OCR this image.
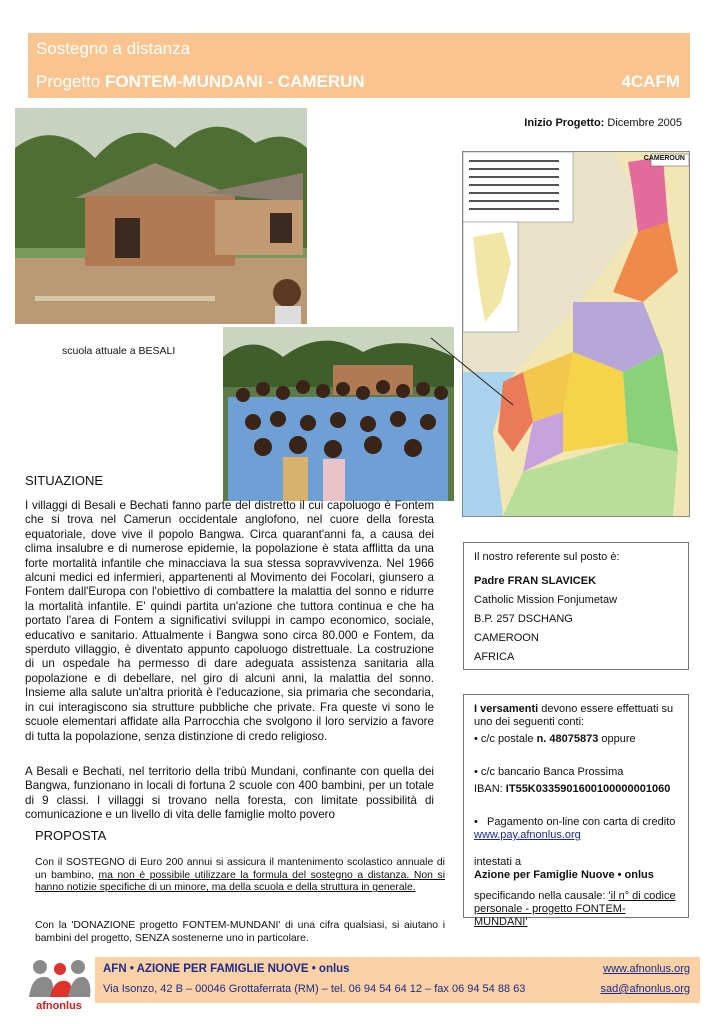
Sostegno a distanza
Progetto FONTEM-MUNDANI - CAMERUN	4CAFM
Inizio Progetto: Dicembre 2005
scuola attuale a BESALI
CAMEROUN
SITUAZIONE
I villaggi di Besali e Bechati fanno parte del distretto il cui capoluogo è Fontem che si trova nel Camerun occidentale anglofono, nel cuore della foresta equatoriale, dove vive il popolo Bangwa. Circa quarant'anni fa, a causa dei clima insalubre e di numerose epidemie, la popolazione è stata afflitta da una forte mortalità infantile che minacciava la sua stessa sopravvivenza. Nel 1966 alcuni medici ed infermieri, appartenenti al Movimento dei Focolari, giunsero a Fontem dall'Europa con l'obiettivo di combattere la malattia del sonno e ridurre la mortalità infantile. E' quindi partita un'azione che tuttora continua e che ha portato l'area di Fontem a significativi sviluppi in campo economico, sociale, educativo e sanitario. Attualmente i Bangwa sono circa 80.000 e Fontem, da sperduto villaggio, è diventato appunto capoluogo distrettuale. La costruzione di un ospedale ha permesso di dare adeguata assistenza sanitaria alla popolazione e di debellare, nel giro di alcuni anni, la malattia del sonno. Insieme alla salute un'altra priorità è l'educazione, sia primaria che secondaria, in cui interagiscono sia strutture pubbliche che private. Fra queste vi sono le scuole elementari affidate alla Parrocchia che svolgono il loro servizio a favore di tutta la popolazione, senza distinzione di credo religioso.
A Besali e Bechati, nel territorio della tribù Mundani, confinante con quella dei Bangwa, funzionano in locali di fortuna 2 scuole con 400 bambini, per un totale di 9 classi. I villaggi si trovano nella foresta, con limitate possibilità di comunicazione e un livello di vita delle famiglie molto povero
PROPOSTA
Con il SOSTEGNO di Euro 200 annui si assicura il mantenimento scolastico annuale di un bambino, ma non è possibile utilizzare la formula del sostegno a distanza. Non si hanno notizie specifiche di un minore, ma della scuola e della struttura in generale.
Con la 'DONAZIONE progetto FONTEM-MUNDANI' di una cifra qualsiasi, si aiutano i bambini del progetto, SENZA sostenerne uno in particolare.

Il nostro referente sul posto è:

Padre FRAN SLAVICEK

Catholic Mission Fonjumetaw

B.P. 257 DSCHANG

CAMEROON

AFRICA

I versamenti devono essere effettuati su uno dei seguenti conti:

• c/c postale n. 48075873 oppure

• c/c bancario Banca Prossima

IBAN: IT55K0335901600100000001060

•   Pagamento on-line con carta di credito

www.pay.afnonlus.org

intestati a

Azione per Famiglie Nuove • onlus

specificando nella causale: 'il n° di codice personale - progetto FONTEM-MUNDANI'

afnonlus
AFN • AZIONE PER FAMIGLIE NUOVE • onlus
Via Isonzo, 42 B – 00046 Grottaferrata (RM) – tel. 06 94 54 64 12 – fax 06 94 54 88 63
www.afnonlus.org
sad@afnonlus.org
